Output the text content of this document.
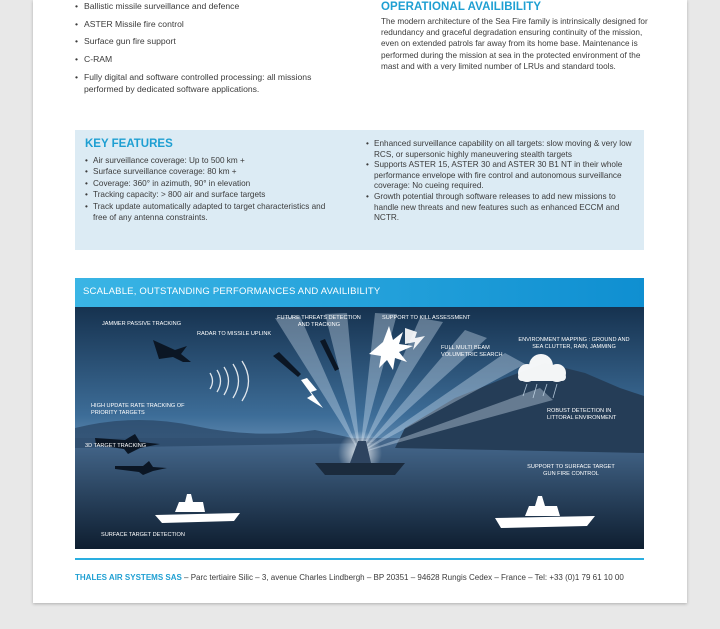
• Ballistic missile surveillance and defence
• ASTER Missile fire control
• Surface gun fire support
• C-RAM
• Fully digital and software controlled processing: all missions performed by dedicated software applications.
OPERATIONAL AVAILIBILITY

The modern architecture of the Sea Fire family is intrinsically designed for redundancy and graceful degradation ensuring continuity of the mission, even on extended patrols far away from its home base. Maintenance is performed during the mission at sea in the protected environment of the mast and with a very limited number of LRUs and standard tools.

KEY FEATURES
• Air surveillance coverage: Up to 500 km +
• Surface surveillance coverage: 80 km +
• Coverage: 360° in azimuth, 90° in elevation
• Tracking capacity: > 800 air and surface targets
• Track update automatically adapted to target characteristics and free of any antenna constraints.
• Enhanced surveillance capability on all targets: slow moving & very low RCS, or supersonic highly maneuvering stealth targets
• Supports ASTER 15, ASTER 30 and ASTER 30 B1 NT in their whole performance envelope with fire control and autonomous surveillance coverage: No cueing required.
• Growth potential through software releases to add new missions to handle new threats and new features such as enhanced ECCM and NCTR.
SCALABLE, OUTSTANDING PERFORMANCES AND AVAILIBILITY
JAMMER PASSIVE TRACKING
RADAR TO MISSILE UPLINK
FUTURE THREATS DETECTION AND TRACKING
SUPPORT TO KILL ASSESSMENT
FULL MULTI BEAM VOLUMETRIC SEARCH
ENVIRONMENT MAPPING : GROUND AND SEA CLUTTER, RAIN, JAMMING
HIGH UPDATE RATE TRACKING OF PRIORITY TARGETS	ROBUST DETECTION IN LITTORAL ENVIRONMENT
3D TARGET TRACKING
SUPPORT TO SURFACE TARGET GUN FIRE CONTROL
SURFACE TARGET DETECTION
THALES AIR SYSTEMS SAS – Parc tertiaire Silic – 3, avenue Charles Lindbergh – BP 20351 – 94628 Rungis Cedex – France – Tel: +33 (0)1 79 61 10 00
